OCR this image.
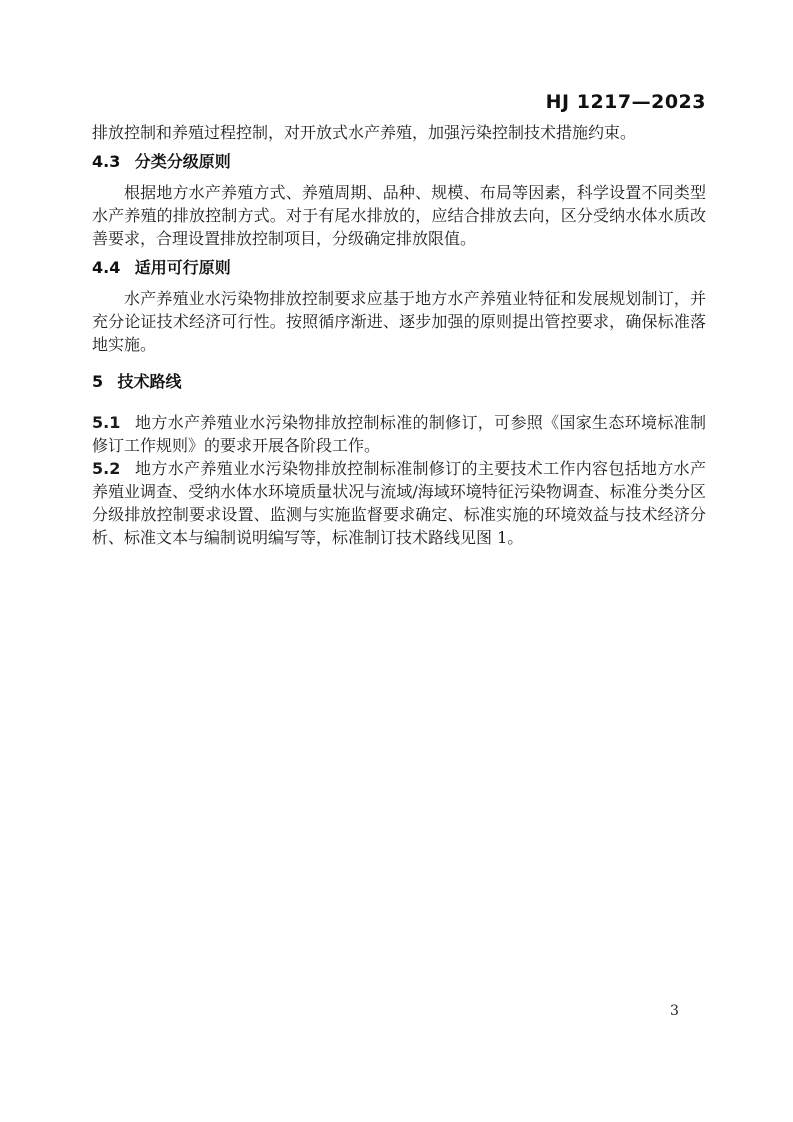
HJ 1217—2023

排放控制和养殖过程控制，对开放式水产养殖，加强污染控制技术措施约束。

4.3 分类分级原则

根据地方水产养殖方式、养殖周期、品种、规模、布局等因素，科学设置不同类型水产养殖的排放控制方式。对于有尾水排放的，应结合排放去向，区分受纳水体水质改善要求，合理设置排放控制项目，分级确定排放限值。

4.4 适用可行原则

水产养殖业水污染物排放控制要求应基于地方水产养殖业特征和发展规划制订，并充分论证技术经济可行性。按照循序渐进、逐步加强的原则提出管控要求，确保标准落地实施。

5 技术路线

5.1 地方水产养殖业水污染物排放控制标准的制修订，可参照《国家生态环境标准制修订工作规则》的要求开展各阶段工作。

5.2 地方水产养殖业水污染物排放控制标准制修订的主要技术工作内容包括地方水产养殖业调查、受纳水体水环境质量状况与流域/海域环境特征污染物调查、标准分类分区分级排放控制要求设置、监测与实施监督要求确定、标准实施的环境效益与技术经济分析、标准文本与编制说明编写等，标准制订技术路线见图 1。

3
